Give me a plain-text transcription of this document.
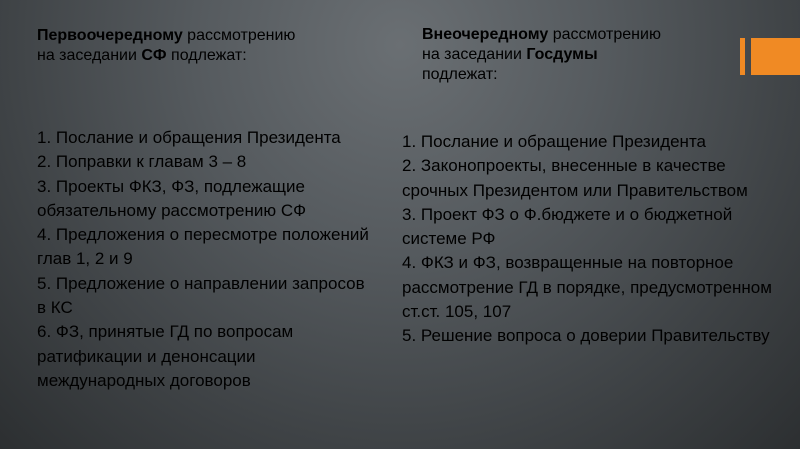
Первоочередному рассмотрению
на заседании СФ подлежат:
Внеочередному рассмотрению
на заседании Госдумы
подлежат:
1. Послание и обращения Президента
2. Поправки к главам 3 – 8
3. Проекты ФКЗ, ФЗ, подлежащие обязательному рассмотрению СФ
4. Предложения о пересмотре положений глав 1, 2 и 9
5. Предложение о направлении запросов в КС
6. ФЗ, принятые ГД по вопросам ратификации и денонсации международных договоров
1. Послание и обращение Президента
2. Законопроекты, внесенные в качестве срочных Президентом или Правительством
3. Проект ФЗ о Ф.бюджете и о бюджетной системе РФ
4. ФКЗ и ФЗ, возвращенные на повторное рассмотрение ГД в порядке, предусмотренном ст.ст. 105, 107
5. Решение вопроса о доверии Правительству
